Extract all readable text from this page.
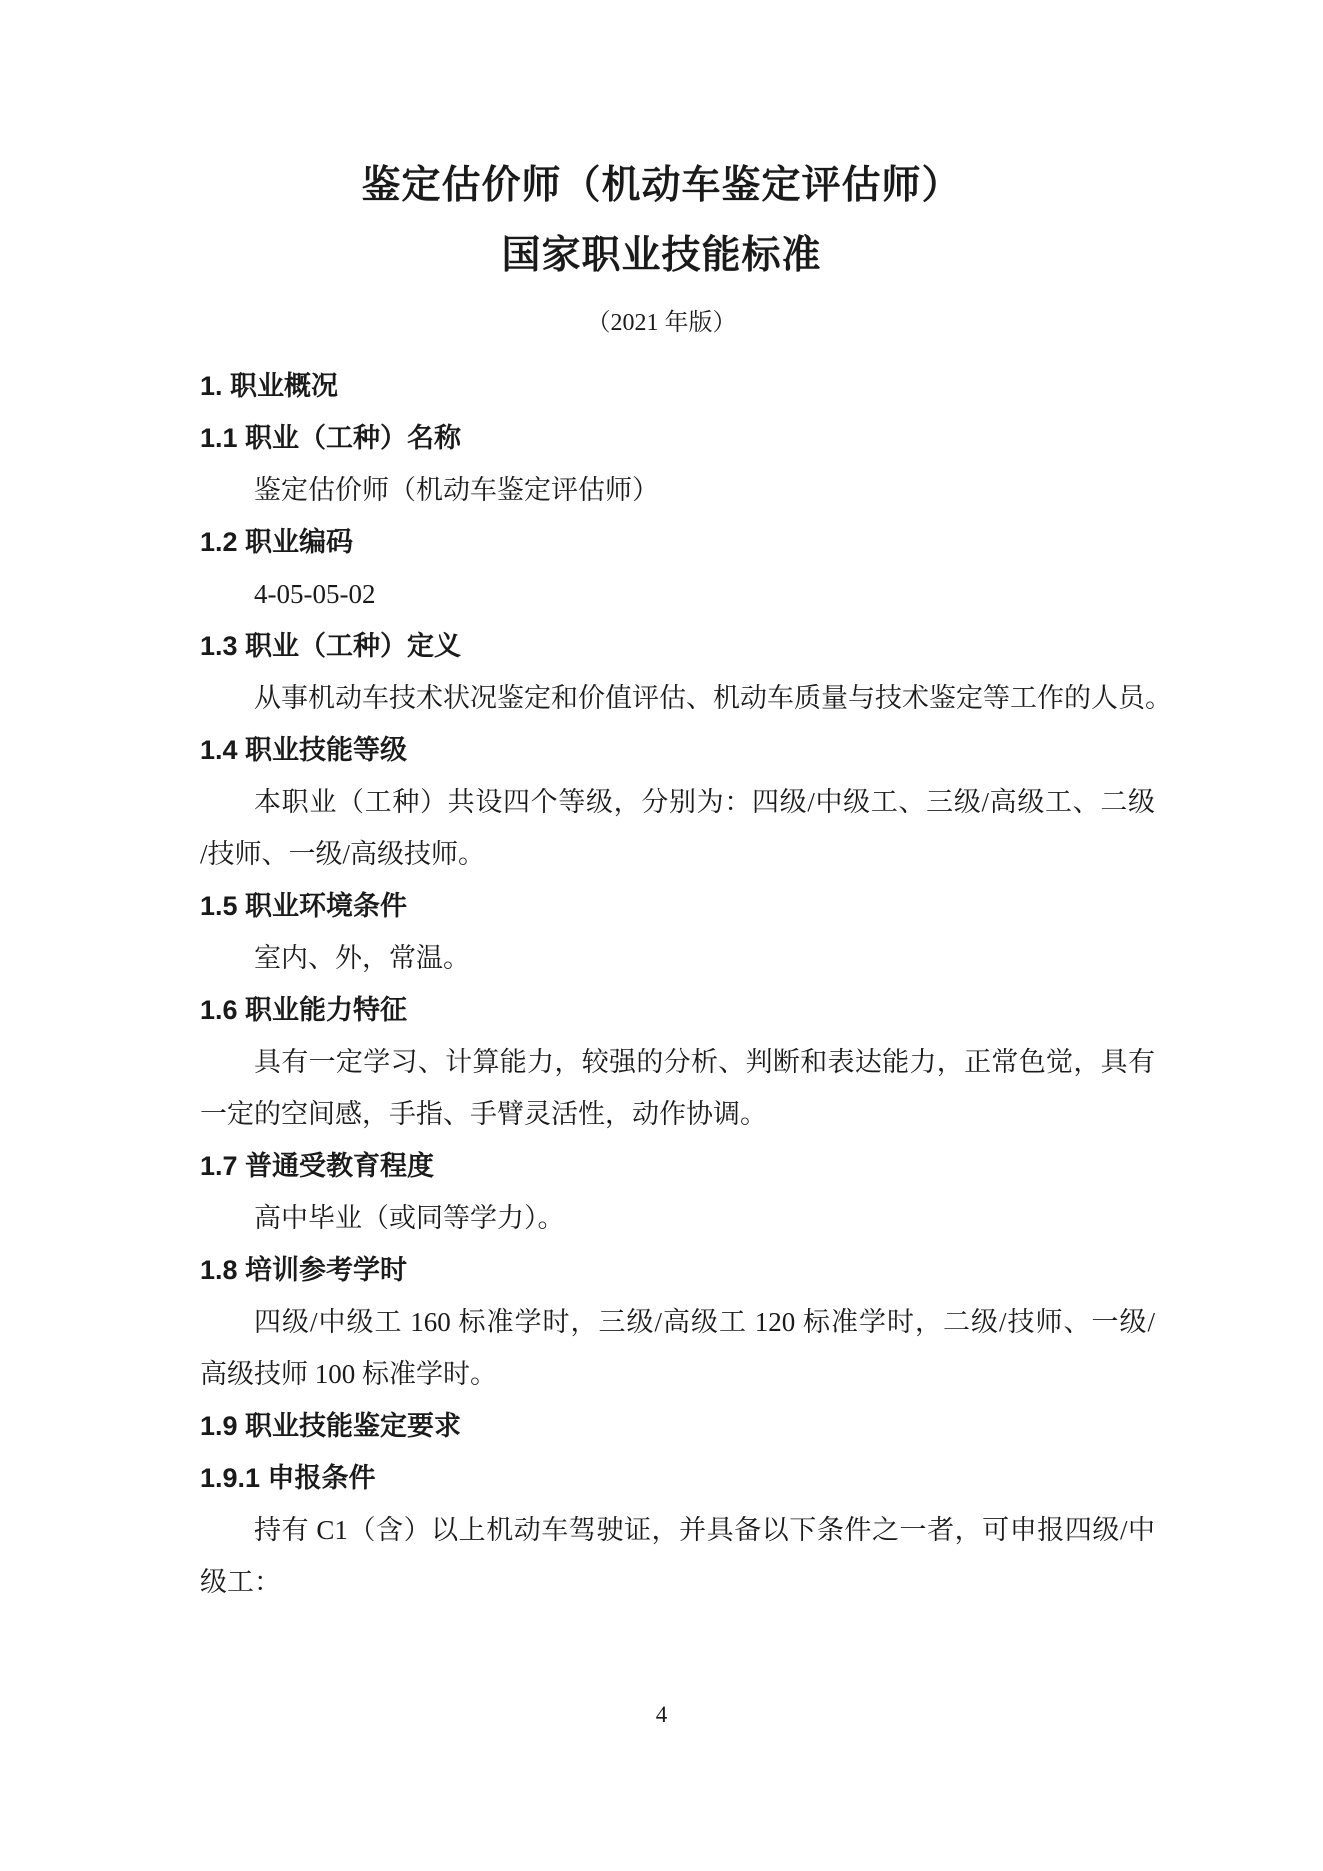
鉴定估价师（机动车鉴定评估师）
国家职业技能标准
（2021 年版）
1. 职业概况
1.1 职业（工种）名称
鉴定估价师（机动车鉴定评估师）
1.2 职业编码
4-05-05-02
1.3 职业（工种）定义
从事机动车技术状况鉴定和价值评估、机动车质量与技术鉴定等工作的人员。
1.4 职业技能等级
本职业（工种）共设四个等级，分别为：四级/中级工、三级/高级工、二级
/技师、一级/高级技师。
1.5 职业环境条件
室内、外，常温。
1.6 职业能力特征
具有一定学习、计算能力，较强的分析、判断和表达能力，正常色觉，具有
一定的空间感，手指、手臂灵活性，动作协调。
1.7 普通受教育程度
高中毕业（或同等学力）。
1.8 培训参考学时
四级/中级工 160 标准学时，三级/高级工 120 标准学时，二级/技师、一级/
高级技师 100 标准学时。
1.9 职业技能鉴定要求
1.9.1 申报条件
持有 C1（含）以上机动车驾驶证，并具备以下条件之一者，可申报四级/中
级工：
4
